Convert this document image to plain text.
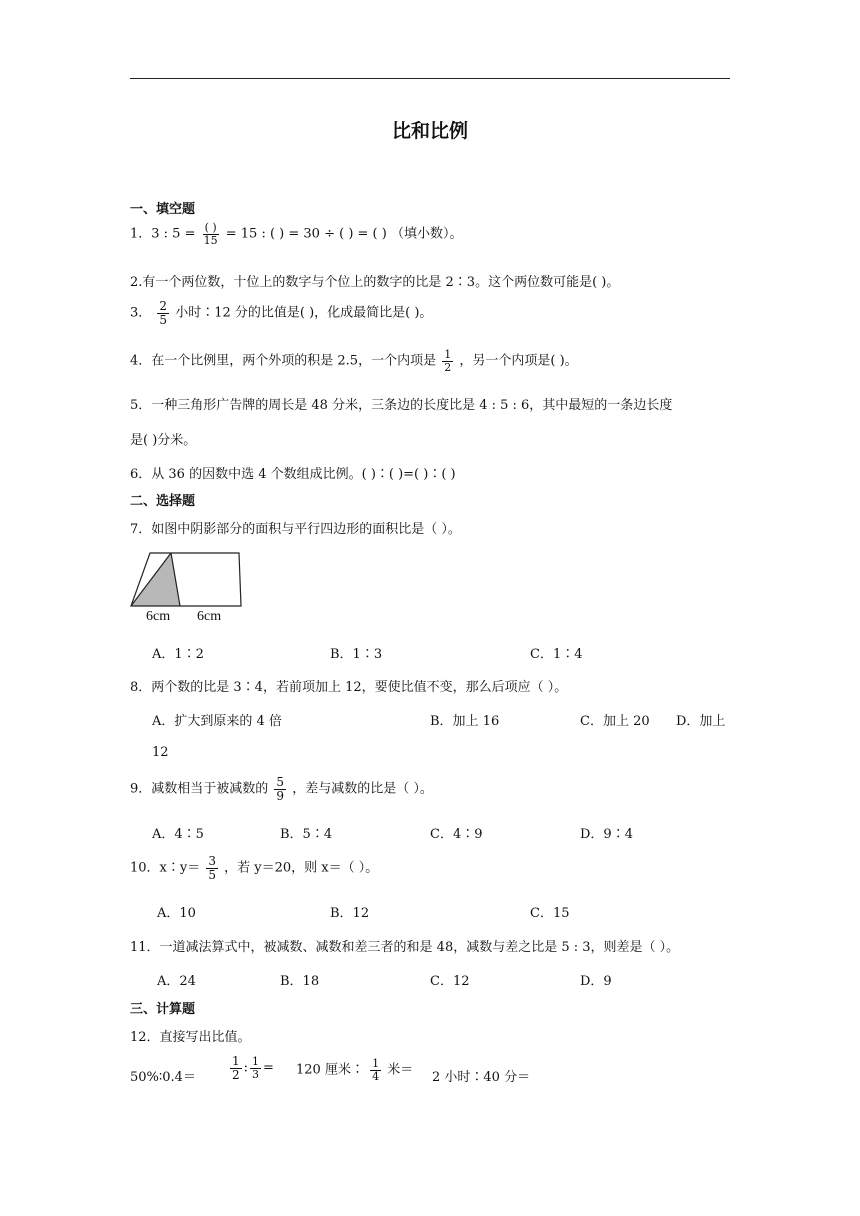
比和比例
一、填空题
1．3 : $5 = \frac{( )}{15} = 15$ : ( ) = 30 ÷ ( ) = ( ) （填小数）。
2.有一个两位数，十位上的数字与个位上的数字的比是 2∶3。这个两位数可能是( )。
3． $\frac{2}{5}$ 小时∶12 分的比值是( )，化成最简比是( )。
4．在一个比例里，两个外项的积是 2.5，一个内项是 $\frac{1}{2}$ ，另一个内项是( )。
5．一种三角形广告牌的周长是 48 分米，三条边的长度比是 4 : 5 : 6，其中最短的一条边长度
是( )分米。
6．从 36 的因数中选 4 个数组成比例。( )∶( )=( )∶( )
二、选择题
7．如图中阴影部分的面积与平行四边形的面积比是（ ）。
6cm 6cm
A．1∶2	B．1∶3	C．1∶4
8．两个数的比是 3∶4，若前项加上 12，要使比值不变，那么后项应（ ）。
A．扩大到原来的 4 倍	B．加上 16	C．加上 20 D．加上
12
9．减数相当于被减数的 $\frac{5}{9}$ ，差与减数的比是（ ）。
A．4∶5	B．5∶4	C．4∶9	D．9∶4
10．x∶y＝ $\frac{3}{5}$ ，若 y＝20，则 x＝（ ）。
A．10	B．12	C．15
11．一道减法算式中，被减数、减数和差三者的和是 48，减数与差之比是 5 : 3，则差是（ ）。
A．24	B．18	C．12	D．9
三、计算题
12．直接写出比值。
50%∶0.4＝	$\frac{1}{2}$ : $\frac{1}{3} = 120$ 厘米∶ $\frac{1}{4}$ 米＝ 2 小时∶40 分＝
